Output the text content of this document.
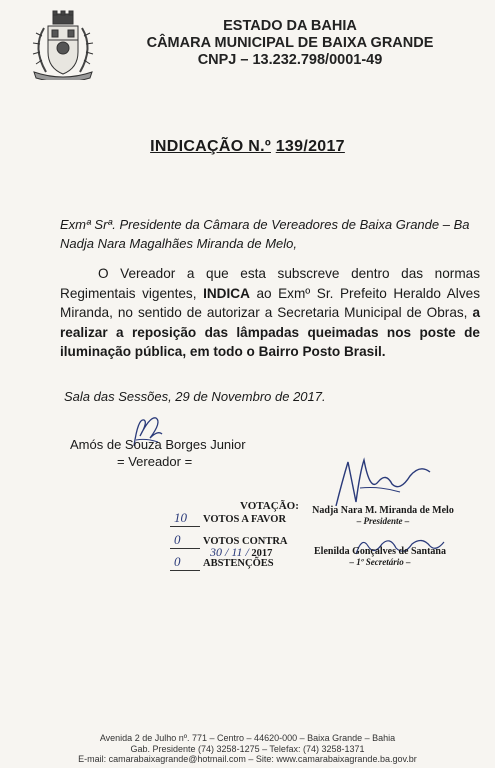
ESTADO DA BAHIA
CÂMARA MUNICIPAL DE BAIXA GRANDE
CNPJ – 13.232.798/0001-49
INDICAÇÃO N.º 139/2017
Exmª Srª. Presidente da Câmara de Vereadores de Baixa Grande – Ba
Nadja Nara Magalhães Miranda de Melo,
O Vereador a que esta subscreve dentro das normas Regimentais vigentes, INDICA ao Exmº Sr. Prefeito Heraldo Alves Miranda, no sentido de autorizar a Secretaria Municipal de Obras, a realizar a reposição das lâmpadas queimadas nos poste de iluminação pública, em todo o Bairro Posto Brasil.
Sala das Sessões, 29 de Novembro de 2017.
Amós de Souza Borges Junior
= Vereador =
VOTAÇÃO:
10 VOTOS A FAVOR
0 VOTOS CONTRA
30 / 11 / 2017
0 ABSTENÇÕES
Nadja Nara M. Miranda de Melo
– Presidente –
Elenilda Gonçalves de Santana
– 1º Secretário –
Avenida 2 de Julho nº. 771 – Centro – 44620-000 – Baixa Grande – Bahia
Gab. Presidente (74) 3258-1275 – Telefax: (74) 3258-1371
E-mail: camarabaixagrande@hotmail.com – Site: www.camarabaixagrande.ba.gov.br
